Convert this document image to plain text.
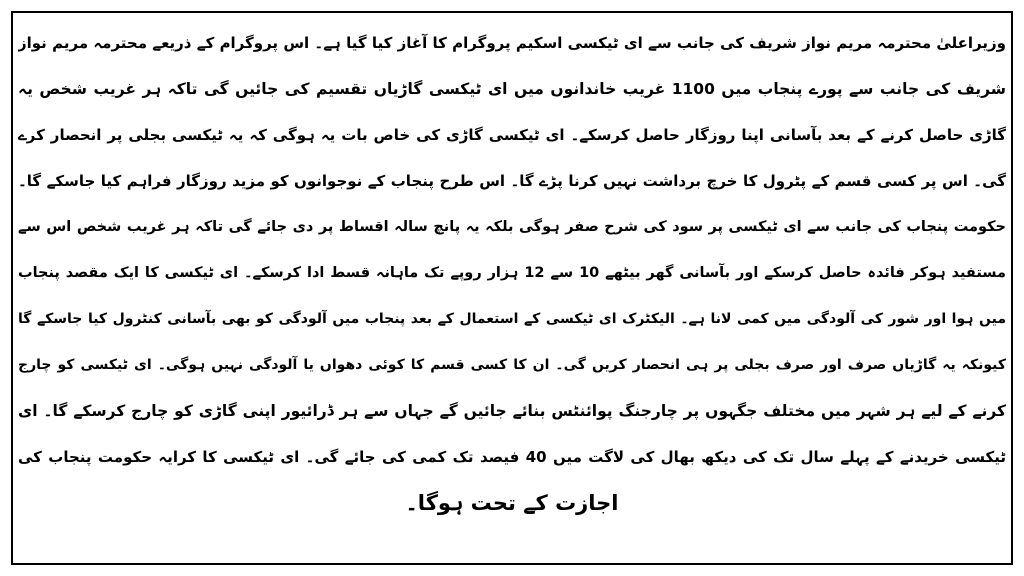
وزیراعلیٰ محترمہ مریم نواز شریف کی جانب سے ای ٹیکسی اسکیم پروگرام کا آغاز کیا گیا ہے۔ اس پروگرام کے ذریعے محترمہ مریم نواز
شریف کی جانب سے پورے پنجاب میں 1100 غریب خاندانوں میں ای ٹیکسی گاڑیاں تقسیم کی جائیں گی تاکہ ہر غریب شخص یہ
گاڑی حاصل کرنے کے بعد بآسانی اپنا روزگار حاصل کرسکے۔ ای ٹیکسی گاڑی کی خاص بات یہ ہوگی کہ یہ ٹیکسی بجلی پر انحصار کرے
گی۔ اس پر کسی قسم کے پٹرول کا خرچ برداشت نہیں کرنا پڑے گا۔ اس طرح پنجاب کے نوجوانوں کو مزید روزگار فراہم کیا جاسکے گا۔
حکومت پنجاب کی جانب سے ای ٹیکسی پر سود کی شرح صفر ہوگی بلکہ یہ پانچ سالہ اقساط پر دی جائے گی تاکہ ہر غریب شخص اس سے
مستفید ہوکر فائدہ حاصل کرسکے اور بآسانی گھر بیٹھے 10 سے 12 ہزار روپے تک ماہانہ قسط ادا کرسکے۔ ای ٹیکسی کا ایک مقصد پنجاب
میں ہوا اور شور کی آلودگی میں کمی لانا ہے۔ الیکٹرک ای ٹیکسی کے استعمال کے بعد پنجاب میں آلودگی کو بھی بآسانی کنٹرول کیا جاسکے گا
کیونکہ یہ گاڑیاں صرف اور صرف بجلی پر ہی انحصار کریں گی۔ ان کا کسی قسم کا کوئی دھواں یا آلودگی نہیں ہوگی۔ ای ٹیکسی کو چارج
کرنے کے لیے ہر شہر میں مختلف جگہوں پر چارجنگ پوائنٹس بنائے جائیں گے جہاں سے ہر ڈرائیور اپنی گاڑی کو چارج کرسکے گا۔ ای
ٹیکسی خریدنے کے پہلے سال تک کی دیکھ بھال کی لاگت میں 40 فیصد تک کمی کی جائے گی۔ ای ٹیکسی کا کرایہ حکومت پنجاب کی
اجازت کے تحت ہوگا۔
